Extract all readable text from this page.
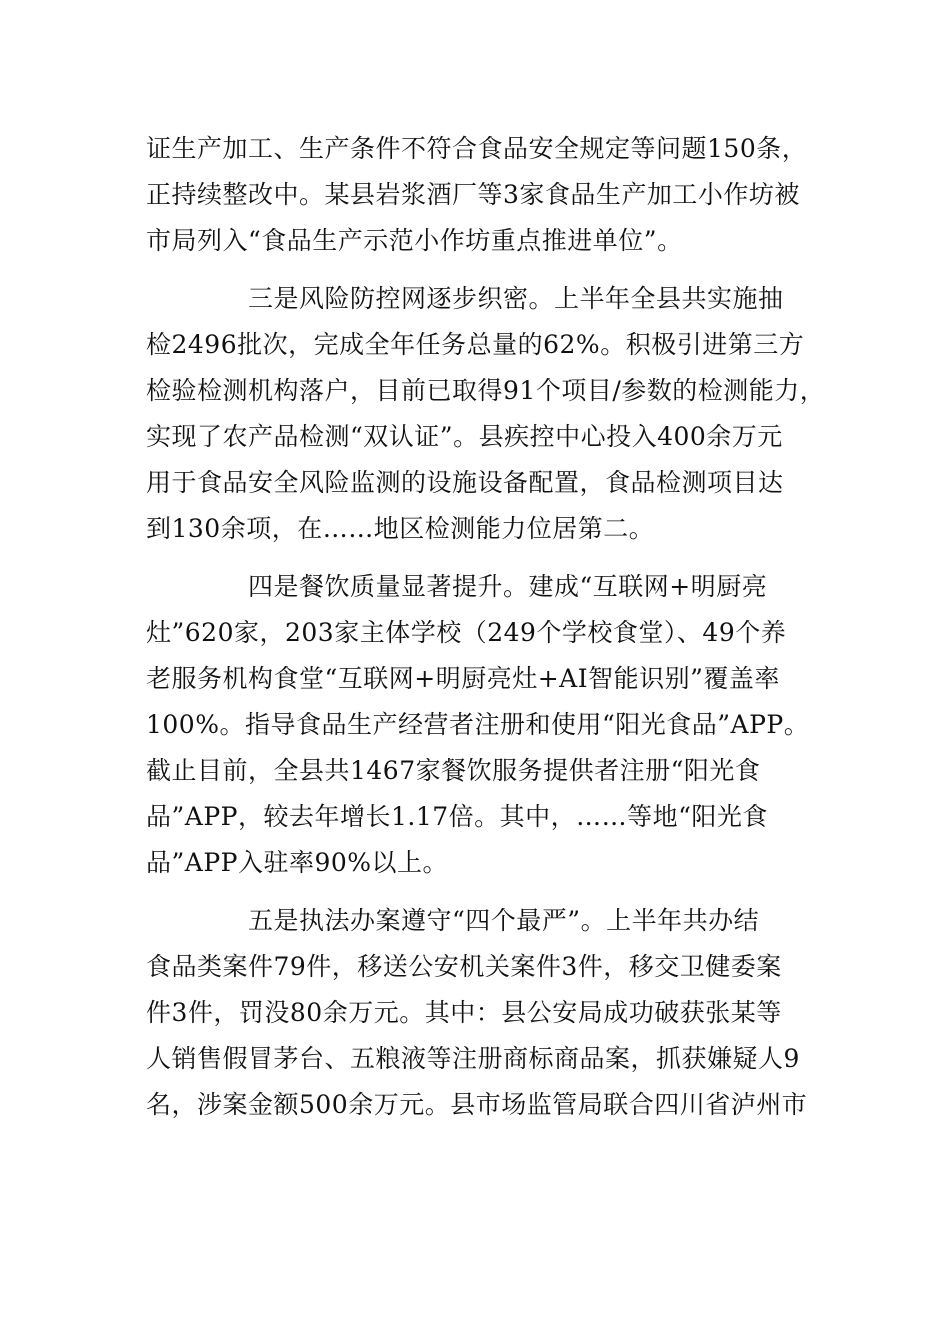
证生产加工、生产条件不符合食品安全规定等问题150条，
正持续整改中。某县岩浆酒厂等3家食品生产加工小作坊被
市局列入“食品生产示范小作坊重点推进单位”。
三是风险防控网逐步织密。上半年全县共实施抽
检2496批次，完成全年任务总量的62%。积极引进第三方
检验检测机构落户，目前已取得91个项目/参数的检测能力，
实现了农产品检测“双认证”。县疾控中心投入400余万元
用于食品安全风险监测的设施设备配置，食品检测项目达
到130余项，在……地区检测能力位居第二。
四是餐饮质量显著提升。建成“互联网+明厨亮
灶”620家，203家主体学校（249个学校食堂）、49个养
老服务机构食堂“互联网+明厨亮灶+AI智能识别”覆盖率
100%。指导食品生产经营者注册和使用“阳光食品”APP。
截止目前，全县共1467家餐饮服务提供者注册“阳光食
品”APP，较去年增长1.17倍。其中，……等地“阳光食
品”APP入驻率90%以上。
五是执法办案遵守“四个最严”。上半年共办结
食品类案件79件，移送公安机关案件3件，移交卫健委案
件3件，罚没80余万元。其中：县公安局成功破获张某等
人销售假冒茅台、五粮液等注册商标商品案，抓获嫌疑人9
名，涉案金额500余万元。县市场监管局联合四川省泸州市
